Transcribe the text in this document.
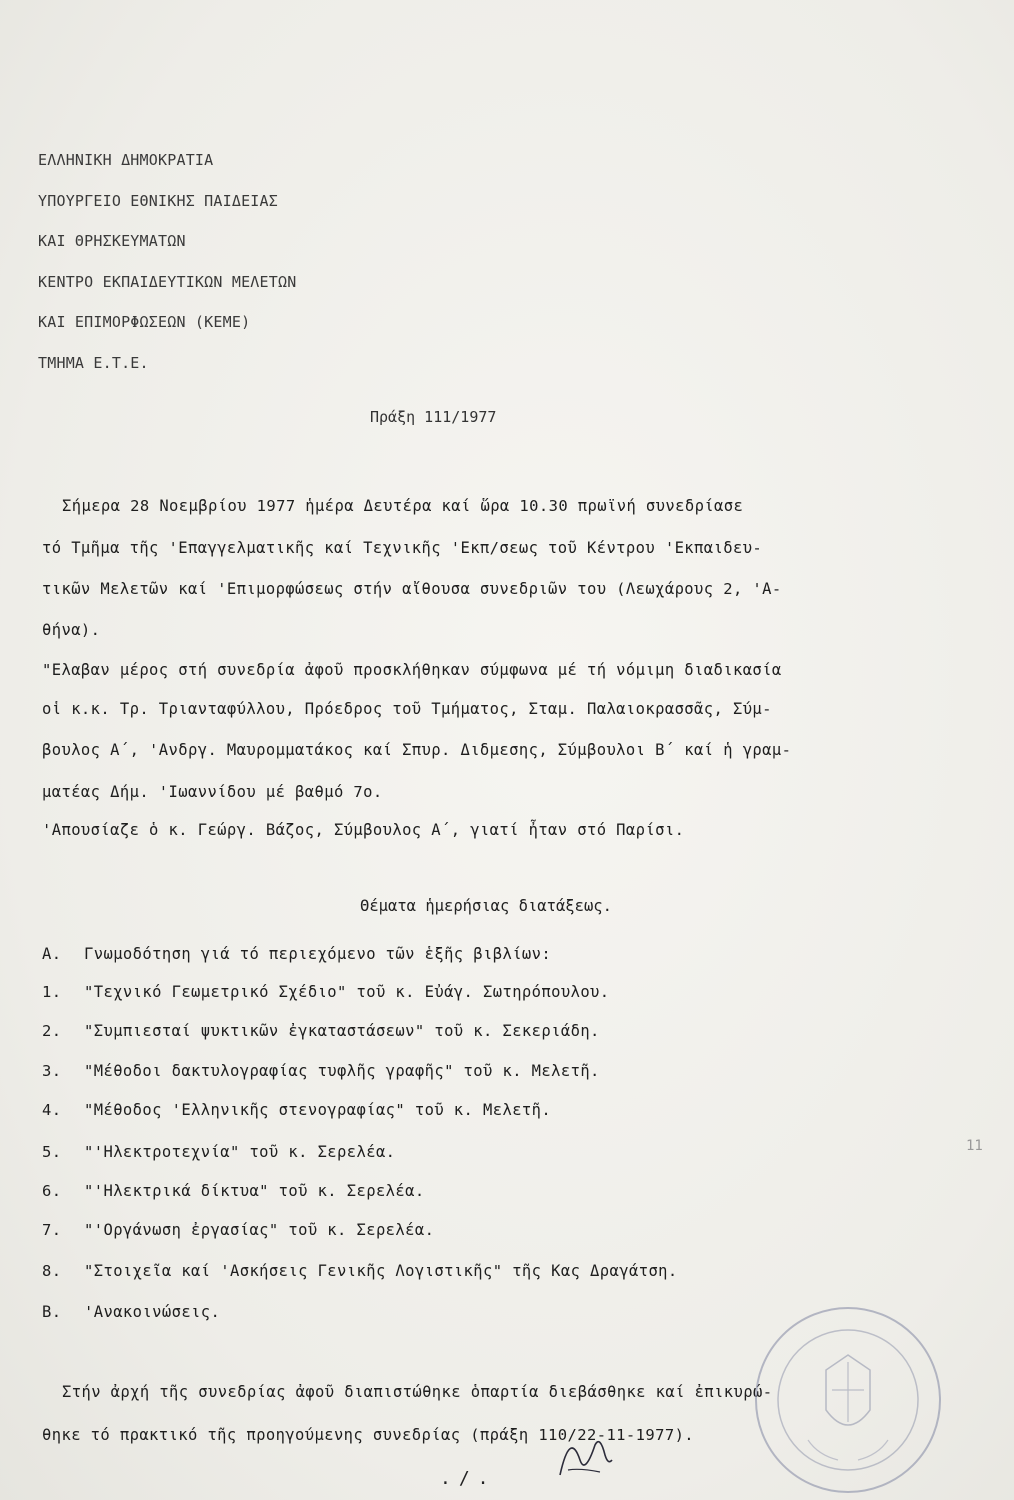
ΕΛΛΗΝΙΚΗ ΔΗΜΟΚΡΑΤΙΑ
ΥΠΟΥΡΓΕΙΟ ΕΘΝΙΚΗΣ ΠΑΙΔΕΙΑΣ
ΚΑΙ ΘΡΗΣΚΕΥΜΑΤΩΝ
ΚΕΝΤΡΟ ΕΚΠΑΙΔΕΥΤΙΚΩΝ ΜΕΛΕΤΩΝ
ΚΑΙ ΕΠΙΜΟΡΦΩΣΕΩΝ (ΚΕΜΕ)
ΤΜΗΜΑ Ε.Τ.Ε.
Πράξη 111/1977
Σήμερα 28 Νοεμβρίου 1977 ἡμέρα Δευτέρα καί ὥρα 10.30 πρωϊνή συνεδρίασε
τό Τμῆμα τῆς 'Επαγγελματικῆς καί Τεχνικῆς 'Εκπ/σεως τοῦ Κέντρου 'Εκπαιδευ-
τικῶν Μελετῶν καί 'Επιμορφώσεως στήν αἴθουσα συνεδριῶν του (Λεωχάρους 2, 'Α-
θήνα).
"Ελαβαν μέρος στή συνεδρία ἀφοῦ προσκλήθηκαν σύμφωνα μέ τή νόμιμη διαδικασία
οἱ κ.κ. Τρ. Τριανταφύλλου, Πρόεδρος τοῦ Τμήματος, Σταμ. Παλαιοκρασσᾶς, Σύμ-
βουλος Α΄, 'Ανδργ. Μαυρομματάκος καί Σπυρ. Διδμεσης, Σύμβουλοι Β΄ καί ἡ γραμ-
ματέας Δήμ. 'Ιωαννίδου μέ βαθμό 7ο.
'Απουσίαζε ὁ κ. Γεώργ. Βάζος, Σύμβουλος Α΄, γιατί ἦταν στό Παρίσι.
Θέματα ἡμερήσιας διατάξεως.
Α. Γνωμοδότηση γιά τό περιεχόμενο τῶν ἑξῆς βιβλίων:
1. "Τεχνικό Γεωμετρικό Σχέδιο" τοῦ κ. Εὐάγ. Σωτηρόπουλου.
2. "Συμπιεσταί ψυκτικῶν ἐγκαταστάσεων" τοῦ κ. Σεκεριάδη.
3. "Μέθοδοι δακτυλογραφίας τυφλῆς γραφῆς" τοῦ κ. Μελετῆ.
4. "Μέθοδος 'Ελληνικῆς στενογραφίας" τοῦ κ. Μελετῆ.
5. "'Ηλεκτροτεχνία" τοῦ κ. Σερελέα.
6. "'Ηλεκτρικά δίκτυα" τοῦ κ. Σερελέα.
7. "'Οργάνωση ἐργασίας" τοῦ κ. Σερελέα.
8. "Στοιχεῖα καί 'Ασκήσεις Γενικῆς Λογιστικῆς" τῆς Κας Δραγάτση.
Β. 'Ανακοινώσεις.
Στήν ἀρχή τῆς συνεδρίας ἀφοῦ διαπιστώθηκε ὁπαρτία διεβάσθηκε καί ἐπικυρώ-
θηκε τό πρακτικό τῆς προηγούμενης συνεδρίας (πράξη 110/22-11-1977).
./.
11
